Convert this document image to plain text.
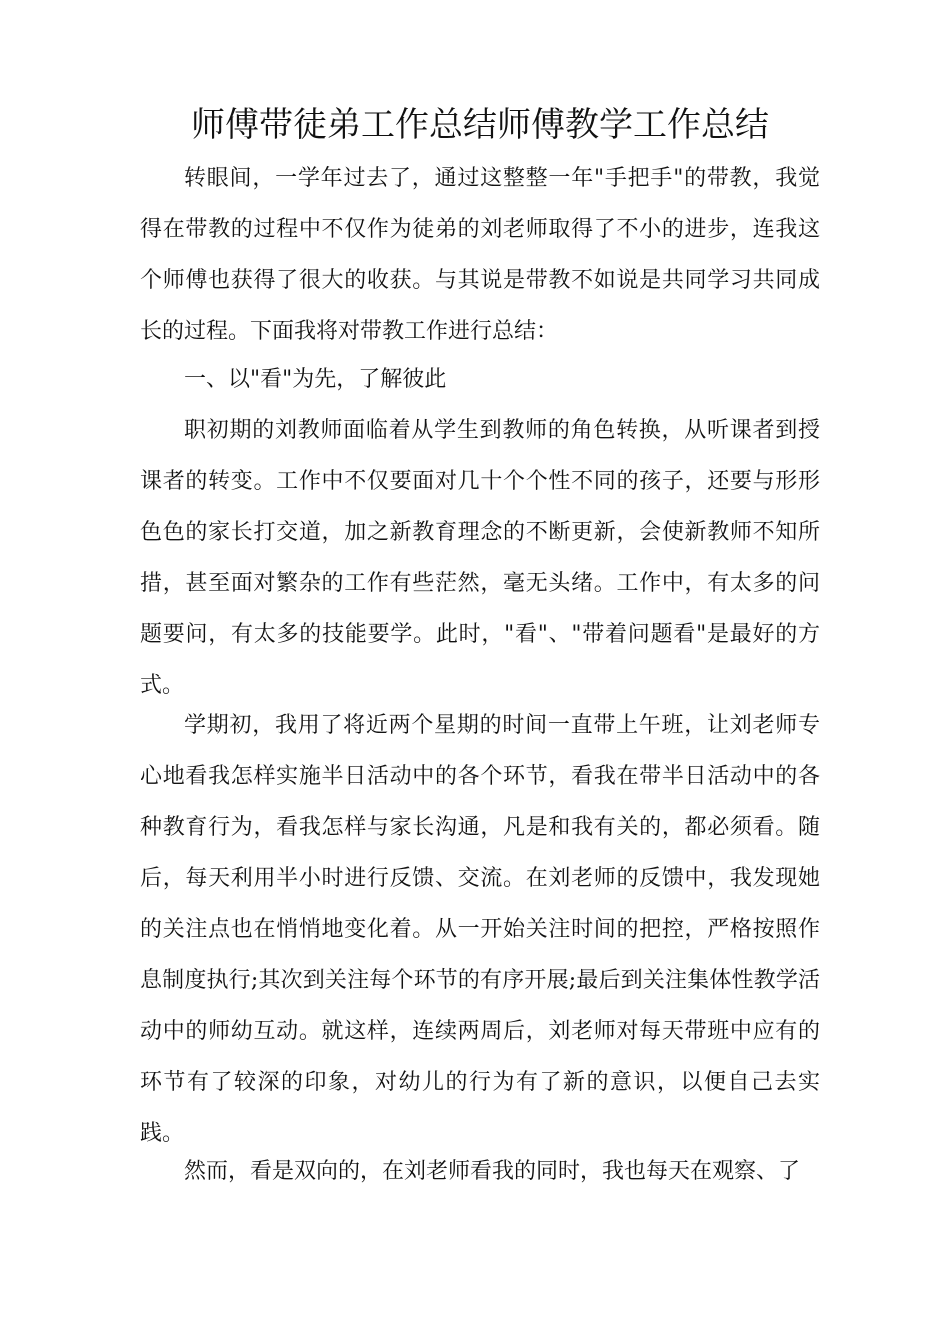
师傅带徒弟工作总结师傅教学工作总结

转眼间，一学年过去了，通过这整整一年"手把手"的带教，我觉得在带教的过程中不仅作为徒弟的刘老师取得了不小的进步，连我这个师傅也获得了很大的收获。与其说是带教不如说是共同学习共同成长的过程。下面我将对带教工作进行总结：

一、以"看"为先，了解彼此

职初期的刘教师面临着从学生到教师的角色转换，从听课者到授课者的转变。工作中不仅要面对几十个个性不同的孩子，还要与形形色色的家长打交道，加之新教育理念的不断更新，会使新教师不知所措，甚至面对繁杂的工作有些茫然，毫无头绪。工作中，有太多的问题要问，有太多的技能要学。此时，"看"、"带着问题看"是最好的方式。

学期初，我用了将近两个星期的时间一直带上午班，让刘老师专心地看我怎样实施半日活动中的各个环节，看我在带半日活动中的各种教育行为，看我怎样与家长沟通，凡是和我有关的，都必须看。随后，每天利用半小时进行反馈、交流。在刘老师的反馈中，我发现她的关注点也在悄悄地变化着。从一开始关注时间的把控，严格按照作息制度执行;其次到关注每个环节的有序开展;最后到关注集体性教学活动中的师幼互动。就这样，连续两周后，刘老师对每天带班中应有的环节有了较深的印象，对幼儿的行为有了新的意识，以便自己去实践。

然而，看是双向的，在刘老师看我的同时，我也每天在观察、了
